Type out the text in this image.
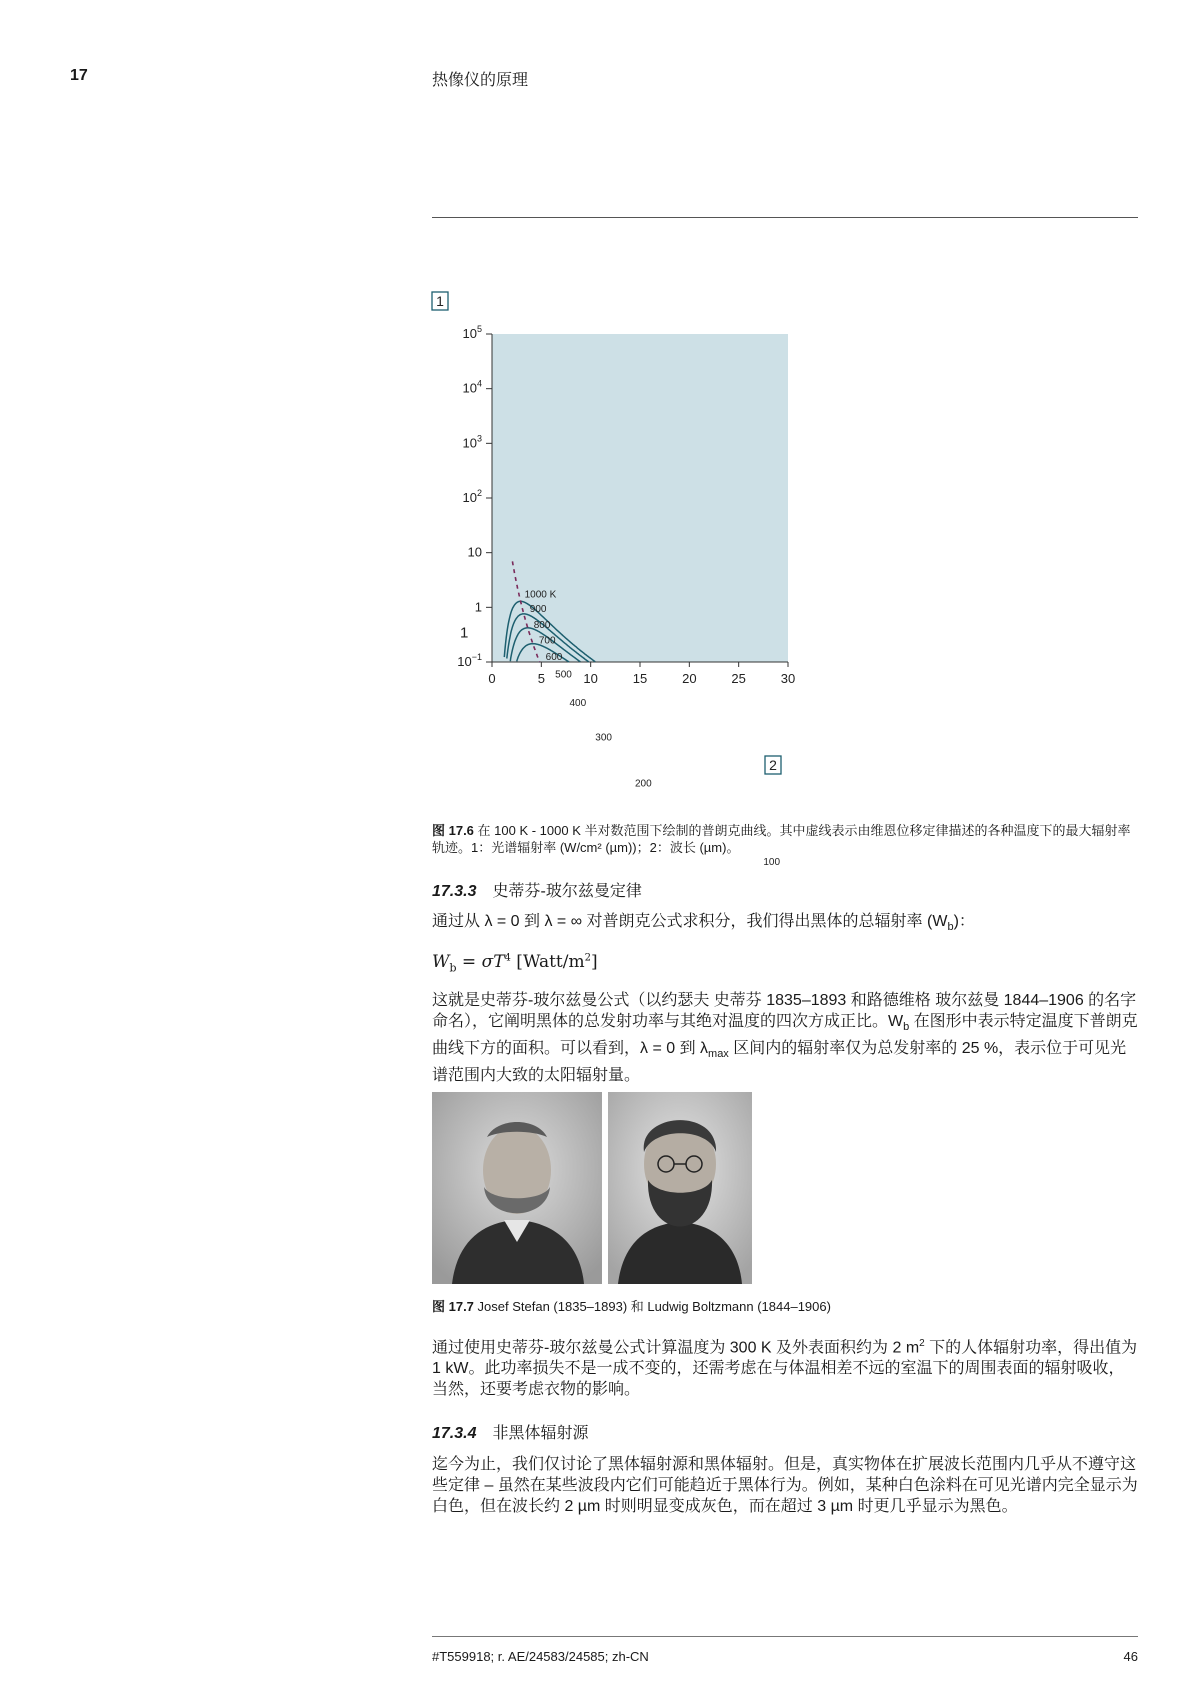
17	热像仪的原理
$10^5$
$10^4$
$10^3$
$10^2$
10
1
$10^{-1}$
1
0	5	10	15	20	25	30
1000 K
900
800
700
600
500
400
300
200
100
1
2
图 17.6 在 100 K - 1000 K 半对数范围下绘制的普朗克曲线。其中虚线表示由维恩位移定律描述的各种温度下的最大辐射率轨迹。1：光谱辐射率 (W/cm² (µm))；2：波长 (µm)。
17.3.3 史蒂芬-玻尔兹曼定律
通过从 λ = 0 到 λ = ∞ 对普朗克公式求积分，我们得出黑体的总辐射率 $(W_b)$：
$W_b = \sigma T^4$ $[Watt/m^2]$
这就是史蒂芬-玻尔兹曼公式（以约瑟夫 史蒂芬 1835–1893 和路德维格 玻尔兹曼 1844–1906 的名字命名），它阐明黑体的总发射功率与其绝对温度的四次方成正比。$W_b$ 在图形中表示特定温度下普朗克曲线下方的面积。可以看到，λ = 0 到 $\lambda_{max}$ 区间内的辐射率仅为总发射率的 25 %，表示位于可见光谱范围内大致的太阳辐射量。
图 17.7 Josef Stefan (1835–1893) 和 Ludwig Boltzmann (1844–1906)
通过使用史蒂芬-玻尔兹曼公式计算温度为 300 K 及外表面积约为 2 $m^2$ 下的人体辐射功率，得出值为 1 kW。此功率损失不是一成不变的，还需考虑在与体温相差不远的室温下的周围表面的辐射吸收，当然，还要考虑衣物的影响。
17.3.4 非黑体辐射源
迄今为止，我们仅讨论了黑体辐射源和黑体辐射。但是，真实物体在扩展波长范围内几乎从不遵守这些定律 – 虽然在某些波段内它们可能趋近于黑体行为。例如，某种白色涂料在可见光谱内完全显示为白色，但在波长约 2 µm 时则明显变成灰色，而在超过 3 µm 时更几乎显示为黑色。
#T559918; r. AE/24583/24585; zh-CN	46
